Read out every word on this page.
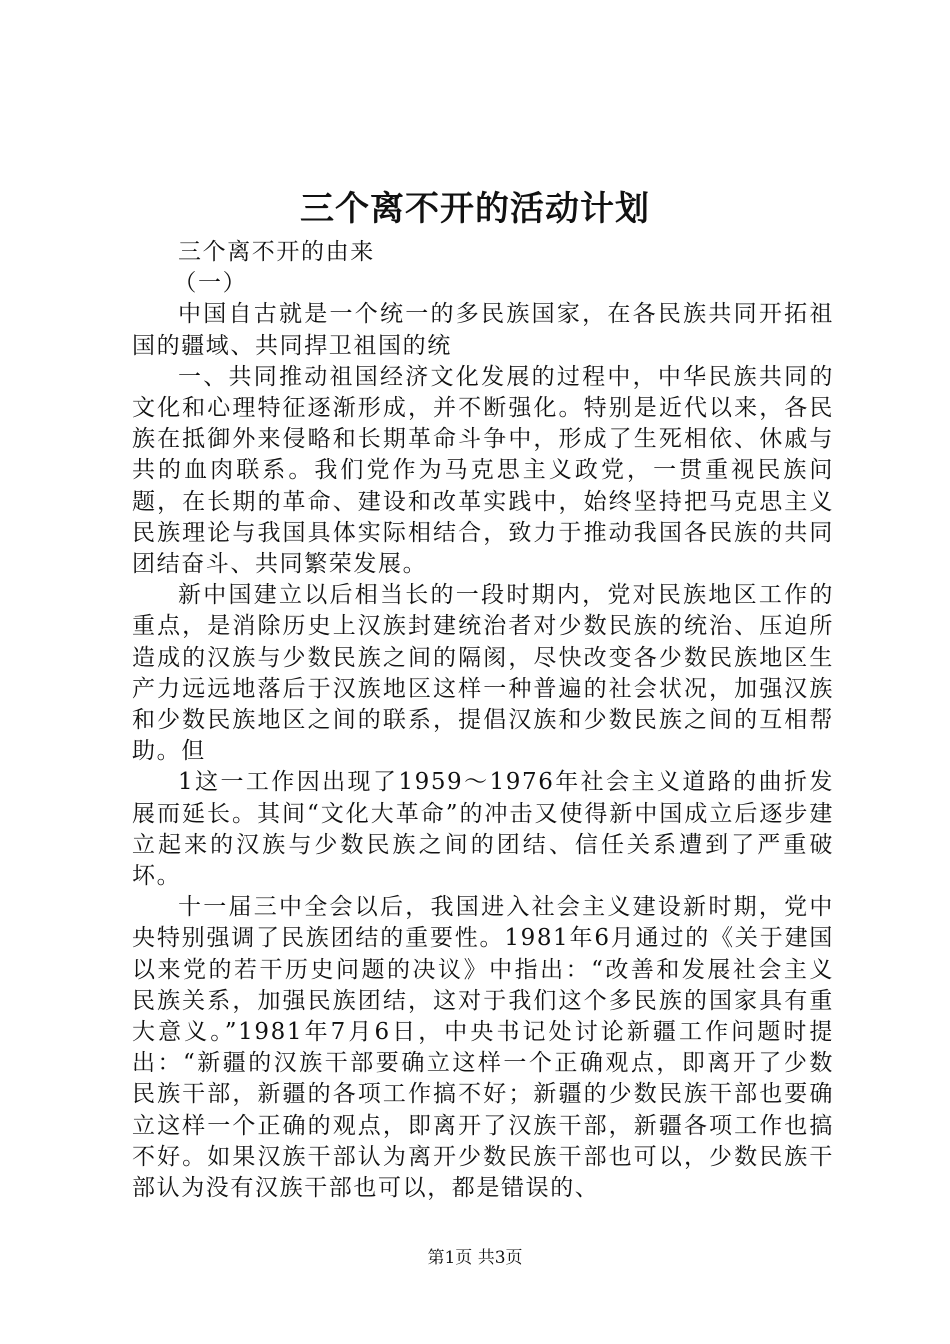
三个离不开的活动计划

三个离不开的由来

（一）

中国自古就是一个统一的多民族国家，在各民族共同开拓祖国的疆域、共同捍卫祖国的统

一、共同推动祖国经济文化发展的过程中，中华民族共同的文化和心理特征逐渐形成，并不断强化。特别是近代以来，各民族在抵御外来侵略和长期革命斗争中，形成了生死相依、休戚与共的血肉联系。我们党作为马克思主义政党，一贯重视民族问题，在长期的革命、建设和改革实践中，始终坚持把马克思主义民族理论与我国具体实际相结合，致力于推动我国各民族的共同团结奋斗、共同繁荣发展。

新中国建立以后相当长的一段时期内，党对民族地区工作的重点，是消除历史上汉族封建统治者对少数民族的统治、压迫所造成的汉族与少数民族之间的隔阂，尽快改变各少数民族地区生产力远远地落后于汉族地区这样一种普遍的社会状况，加强汉族和少数民族地区之间的联系，提倡汉族和少数民族之间的互相帮助。但

1这一工作因出现了1959～1976年社会主义道路的曲折发展而延长。其间“文化大革命”的冲击又使得新中国成立后逐步建立起来的汉族与少数民族之间的团结、信任关系遭到了严重破坏。

十一届三中全会以后，我国进入社会主义建设新时期，党中央特别强调了民族团结的重要性。1981年6月通过的《关于建国以来党的若干历史问题的决议》中指出：“改善和发展社会主义民族关系，加强民族团结，这对于我们这个多民族的国家具有重大意义。”1981年7月6日，中央书记处讨论新疆工作问题时提出：“新疆的汉族干部要确立这样一个正确观点，即离开了少数民族干部，新疆的各项工作搞不好；新疆的少数民族干部也要确立这样一个正确的观点，即离开了汉族干部，新疆各项工作也搞不好。如果汉族干部认为离开少数民族干部也可以，少数民族干部认为没有汉族干部也可以，都是错误的、

第1页 共3页
